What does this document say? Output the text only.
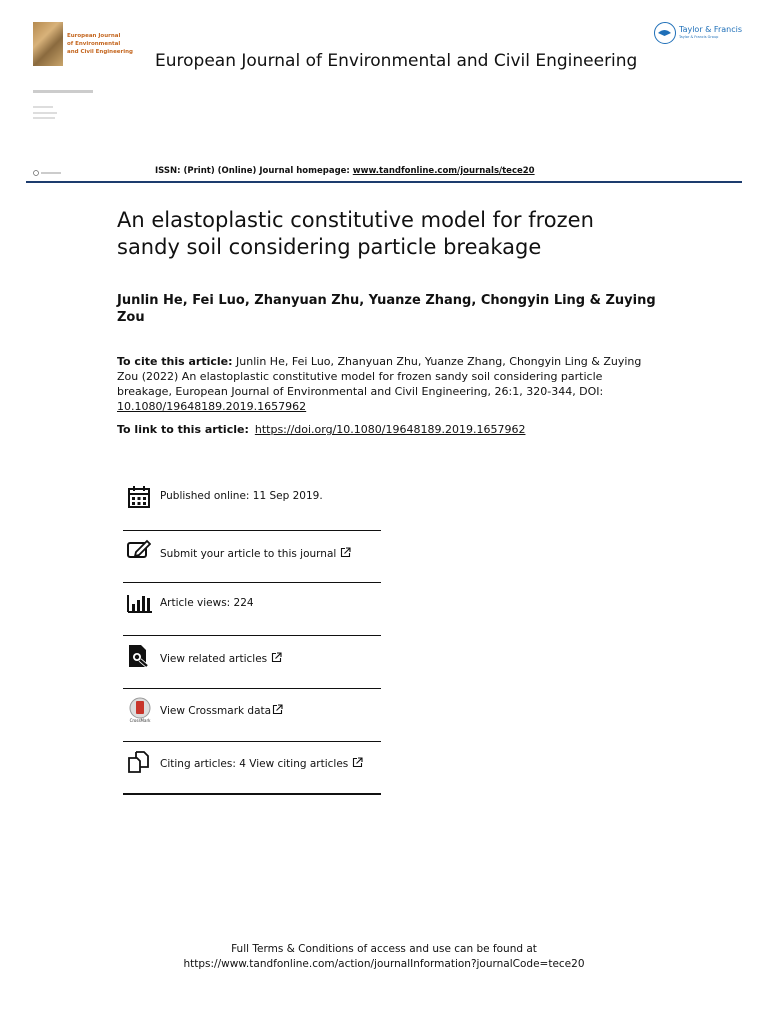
European Journal
of Environmental
and Civil Engineering
Taylor & Francis
Taylor & Francis Group
European Journal of Environmental and Civil Engineering
ISSN: (Print) (Online) Journal homepage: www.tandfonline.com/journals/tece20
An elastoplastic constitutive model for frozen sandy soil considering particle breakage
Junlin He, Fei Luo, Zhanyuan Zhu, Yuanze Zhang, Chongyin Ling & Zuying Zou
To cite this article: Junlin He, Fei Luo, Zhanyuan Zhu, Yuanze Zhang, Chongyin Ling & Zuying Zou (2022) An elastoplastic constitutive model for frozen sandy soil considering particle breakage, European Journal of Environmental and Civil Engineering, 26:1, 320-344, DOI: 10.1080/19648189.2019.1657962
To link to this article: https://doi.org/10.1080/19648189.2019.1657962
Published online: 11 Sep 2019.
Submit your article to this journal
Article views: 224
View related articles
CrossMark
View Crossmark data
Citing articles: 4 View citing articles
Full Terms & Conditions of access and use can be found at
https://www.tandfonline.com/action/journalInformation?journalCode=tece20
